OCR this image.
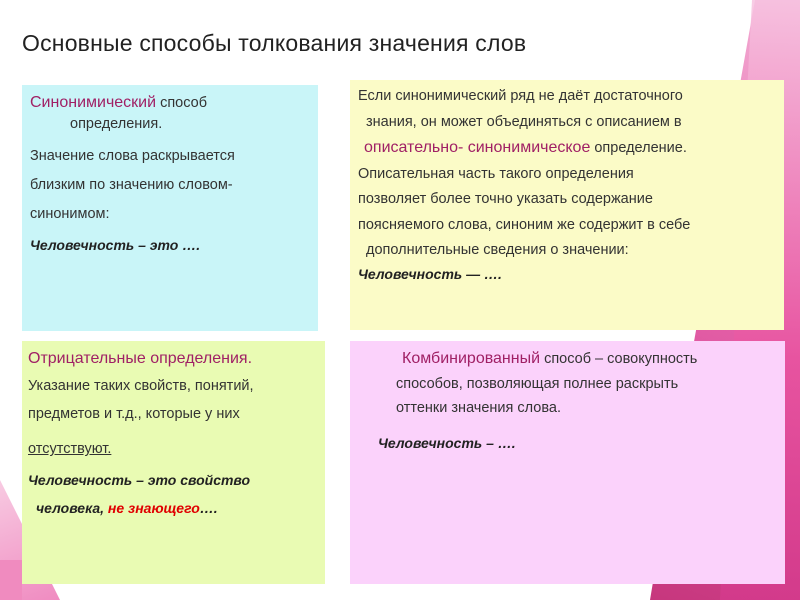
Основные способы толкования значения слов

Синонимический способ

определения.

Значение слова раскрывается

близким по значению словом-

синонимом:

Человечность – это ….

Если синонимический ряд не даёт достаточного
знания, он может объединяться с описанием в
описательно- синонимическое определение.
Описательная часть такого определения
позволяет более точно указать содержание
поясняемого слова, синоним же содержит в себе
дополнительные сведения о значении:
Человечность — ….
Отрицательные определения.
Указание таких свойств, понятий,
предметов и т.д., которые у них
отсутствуют.
Человечность – это свойство
человека, не знающего….
Комбинированный способ – совокупность
способов, позволяющая полнее раскрыть
оттенки значения слова.
Человечность – ….
